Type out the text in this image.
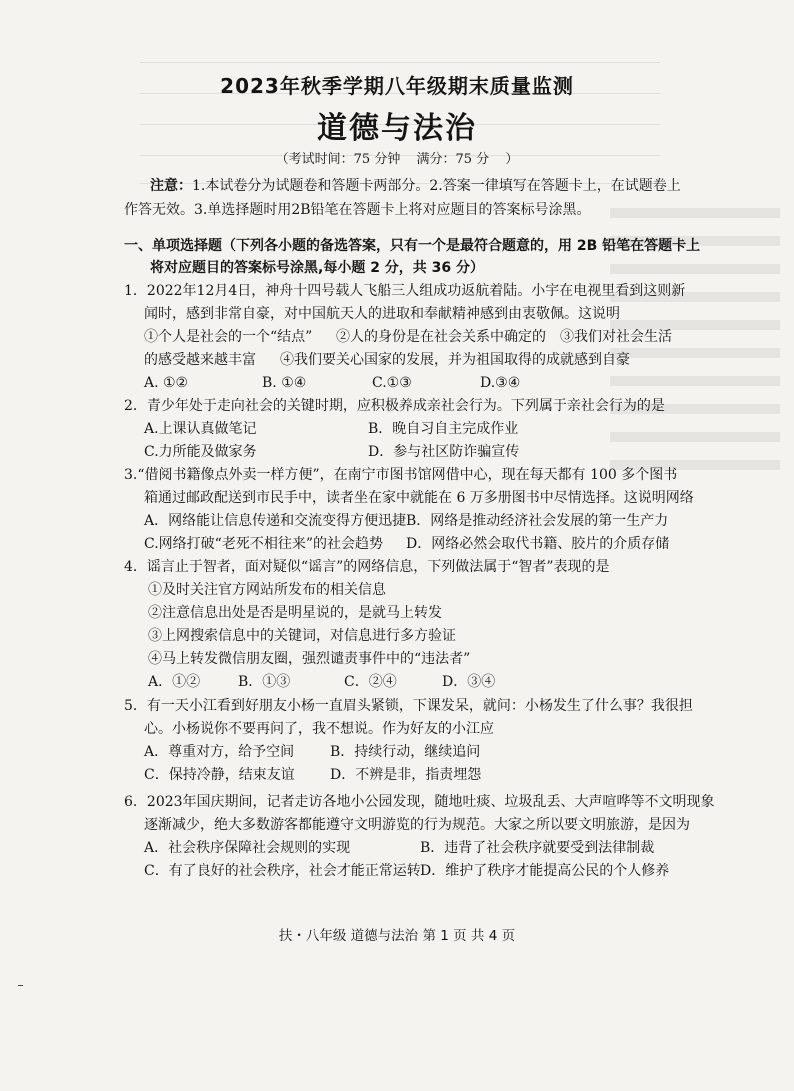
2023年秋季学期八年级期末质量监测
道德与法治
（考试时间：75 分钟 满分：75 分 ）
注意：1.本试卷分为试题卷和答题卡两部分。2.答案一律填写在答题卡上，在试题卷上
作答无效。3.单选择题时用2B铅笔在答题卡上将对应题目的答案标号涂黑。
一、单项选择题（下列各小题的备选答案，只有一个是最符合题意的，用 2B 铅笔在答题卡上
将对应题目的答案标号涂黑,每小题 2 分，共 36 分）
1．2022年12月4日，神舟十四号载人飞船三人组成功返航着陆。小宇在电视里看到这则新
闻时，感到非常自豪，对中国航天人的进取和奉献精神感到由衷敬佩。这说明
①个人是社会的一个“结点” ②人的身份是在社会关系中确定的 ③我们对社会生活
的感受越来越丰富 ④我们要关心国家的发展，并为祖国取得的成就感到自豪
A. ①②	B. ①④	C.①③	D.③④
2．青少年处于走向社会的关键时期，应积极养成亲社会行为。下列属于亲社会行为的是
A.上课认真做笔记	B．晚自习自主完成作业
C.力所能及做家务	D．参与社区防诈骗宣传
3.“借阅书籍像点外卖一样方便”，在南宁市图书馆网借中心，现在每天都有 100 多个图书
箱通过邮政配送到市民手中，读者坐在家中就能在 6 万多册图书中尽情选择。这说明网络
A．网络能让信息传递和交流变得方便迅捷 B．网络是推动经济社会发展的第一生产力
C.网络打破“老死不相往来”的社会趋势 D．网络必然会取代书籍、胶片的介质存储
4．谣言止于智者，面对疑似“谣言”的网络信息，下列做法属于“智者”表现的是
①及时关注官方网站所发布的相关信息
②注意信息出处是否是明星说的，是就马上转发
③上网搜索信息中的关键词，对信息进行多方验证
④马上转发微信朋友圈，强烈谴责事件中的“违法者”
A．①②	B．①③	C．②④	D．③④
5．有一天小江看到好朋友小杨一直眉头紧锁，下课发呆，就问：小杨发生了什么事？我很担
心。小杨说你不要再问了，我不想说。作为好友的小江应
A．尊重对方，给予空间	B．持续行动，继续追问
C．保持冷静，结束友谊	D．不辨是非，指责埋怨
6．2023年国庆期间，记者走访各地小公园发现，随地吐痰、垃圾乱丢、大声喧哗等不文明现象
逐渐减少，绝大多数游客都能遵守文明游览的行为规范。大家之所以要文明旅游，是因为
A．社会秩序保障社会规则的实现	B．违背了社会秩序就要受到法律制裁
C．有了良好的社会秩序，社会才能正常运转 D．维护了秩序才能提高公民的个人修养
扶・八年级 道德与法治 第 1 页 共 4 页
